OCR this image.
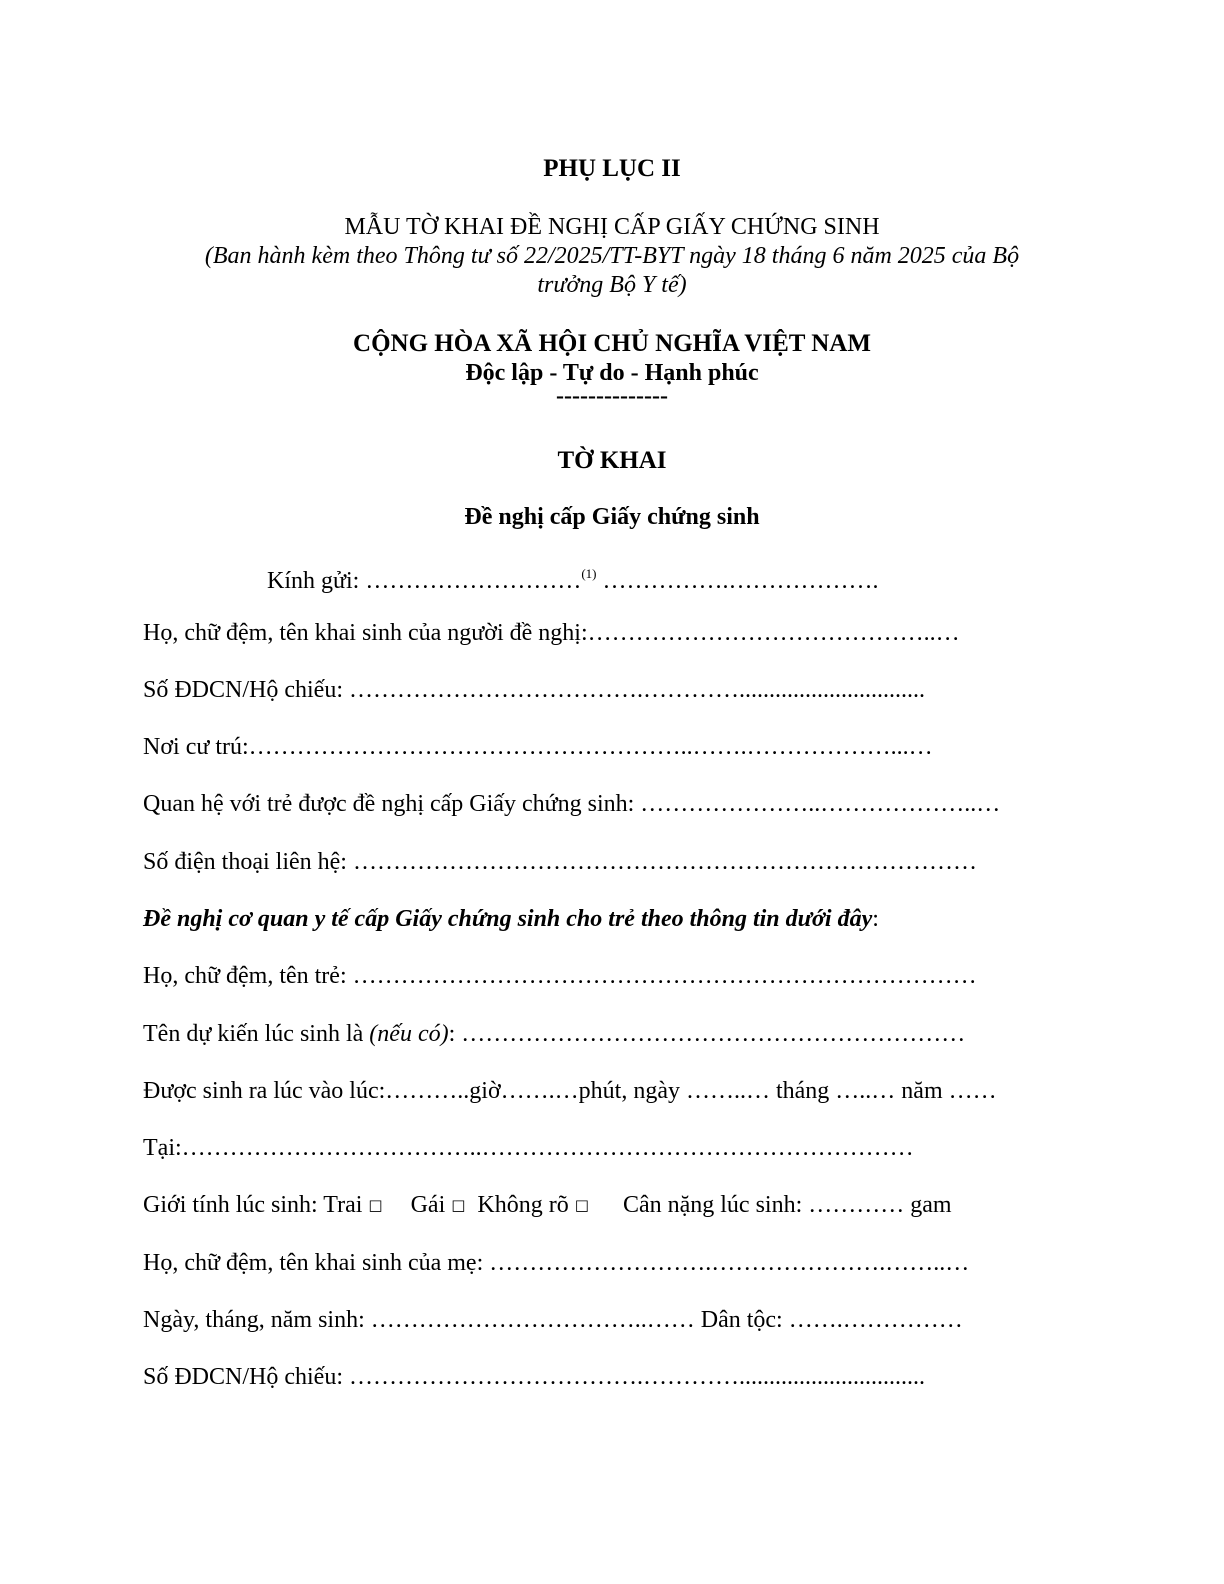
PHỤ LỤC II
MẪU TỜ KHAI ĐỀ NGHỊ CẤP GIẤY CHỨNG SINH
(Ban hành kèm theo Thông tư số 22/2025/TT-BYT ngày 18 tháng 6 năm 2025 của Bộ
trưởng Bộ Y tế)
CỘNG HÒA XÃ HỘI CHỦ NGHĨA VIỆT NAM
Độc lập - Tự do - Hạnh phúc
--------------
TỜ KHAI
Đề nghị cấp Giấy chứng sinh
Kính gửi: ………………………$^{(1)}$ …………….……………….
Họ, chữ đệm, tên khai sinh của người đề nghị:……………………………………..…
Số ĐDCN/Hộ chiếu: ……………………………….…………...............................
Nơi cư trú:………………………………………………..…….………………...…
Quan hệ với trẻ được đề nghị cấp Giấy chứng sinh: …………………..………………..…
Số điện thoại liên hệ: ……………………………………………………………………
Đề nghị cơ quan y tế cấp Giấy chứng sinh cho trẻ theo thông tin dưới đây:
Họ, chữ đệm, tên trẻ: ……………………………………………………………………
Tên dự kiến lúc sinh là (nếu có): ………………………………………………………
Được sinh ra lúc vào lúc:………..giờ…….…phút, ngày ……..… tháng …..… năm ……
Tại:………………………………..………………………………………………
Giới tính lúc sinh: Trai □ Gái □ Không rõ □ Cân nặng lúc sinh: ………… gam
Họ, chữ đệm, tên khai sinh của mẹ: ……………………….………………….……..…
Ngày, tháng, năm sinh: ……………………………..…… Dân tộc: …….……………
Số ĐDCN/Hộ chiếu: ……………………………….…………...............................
